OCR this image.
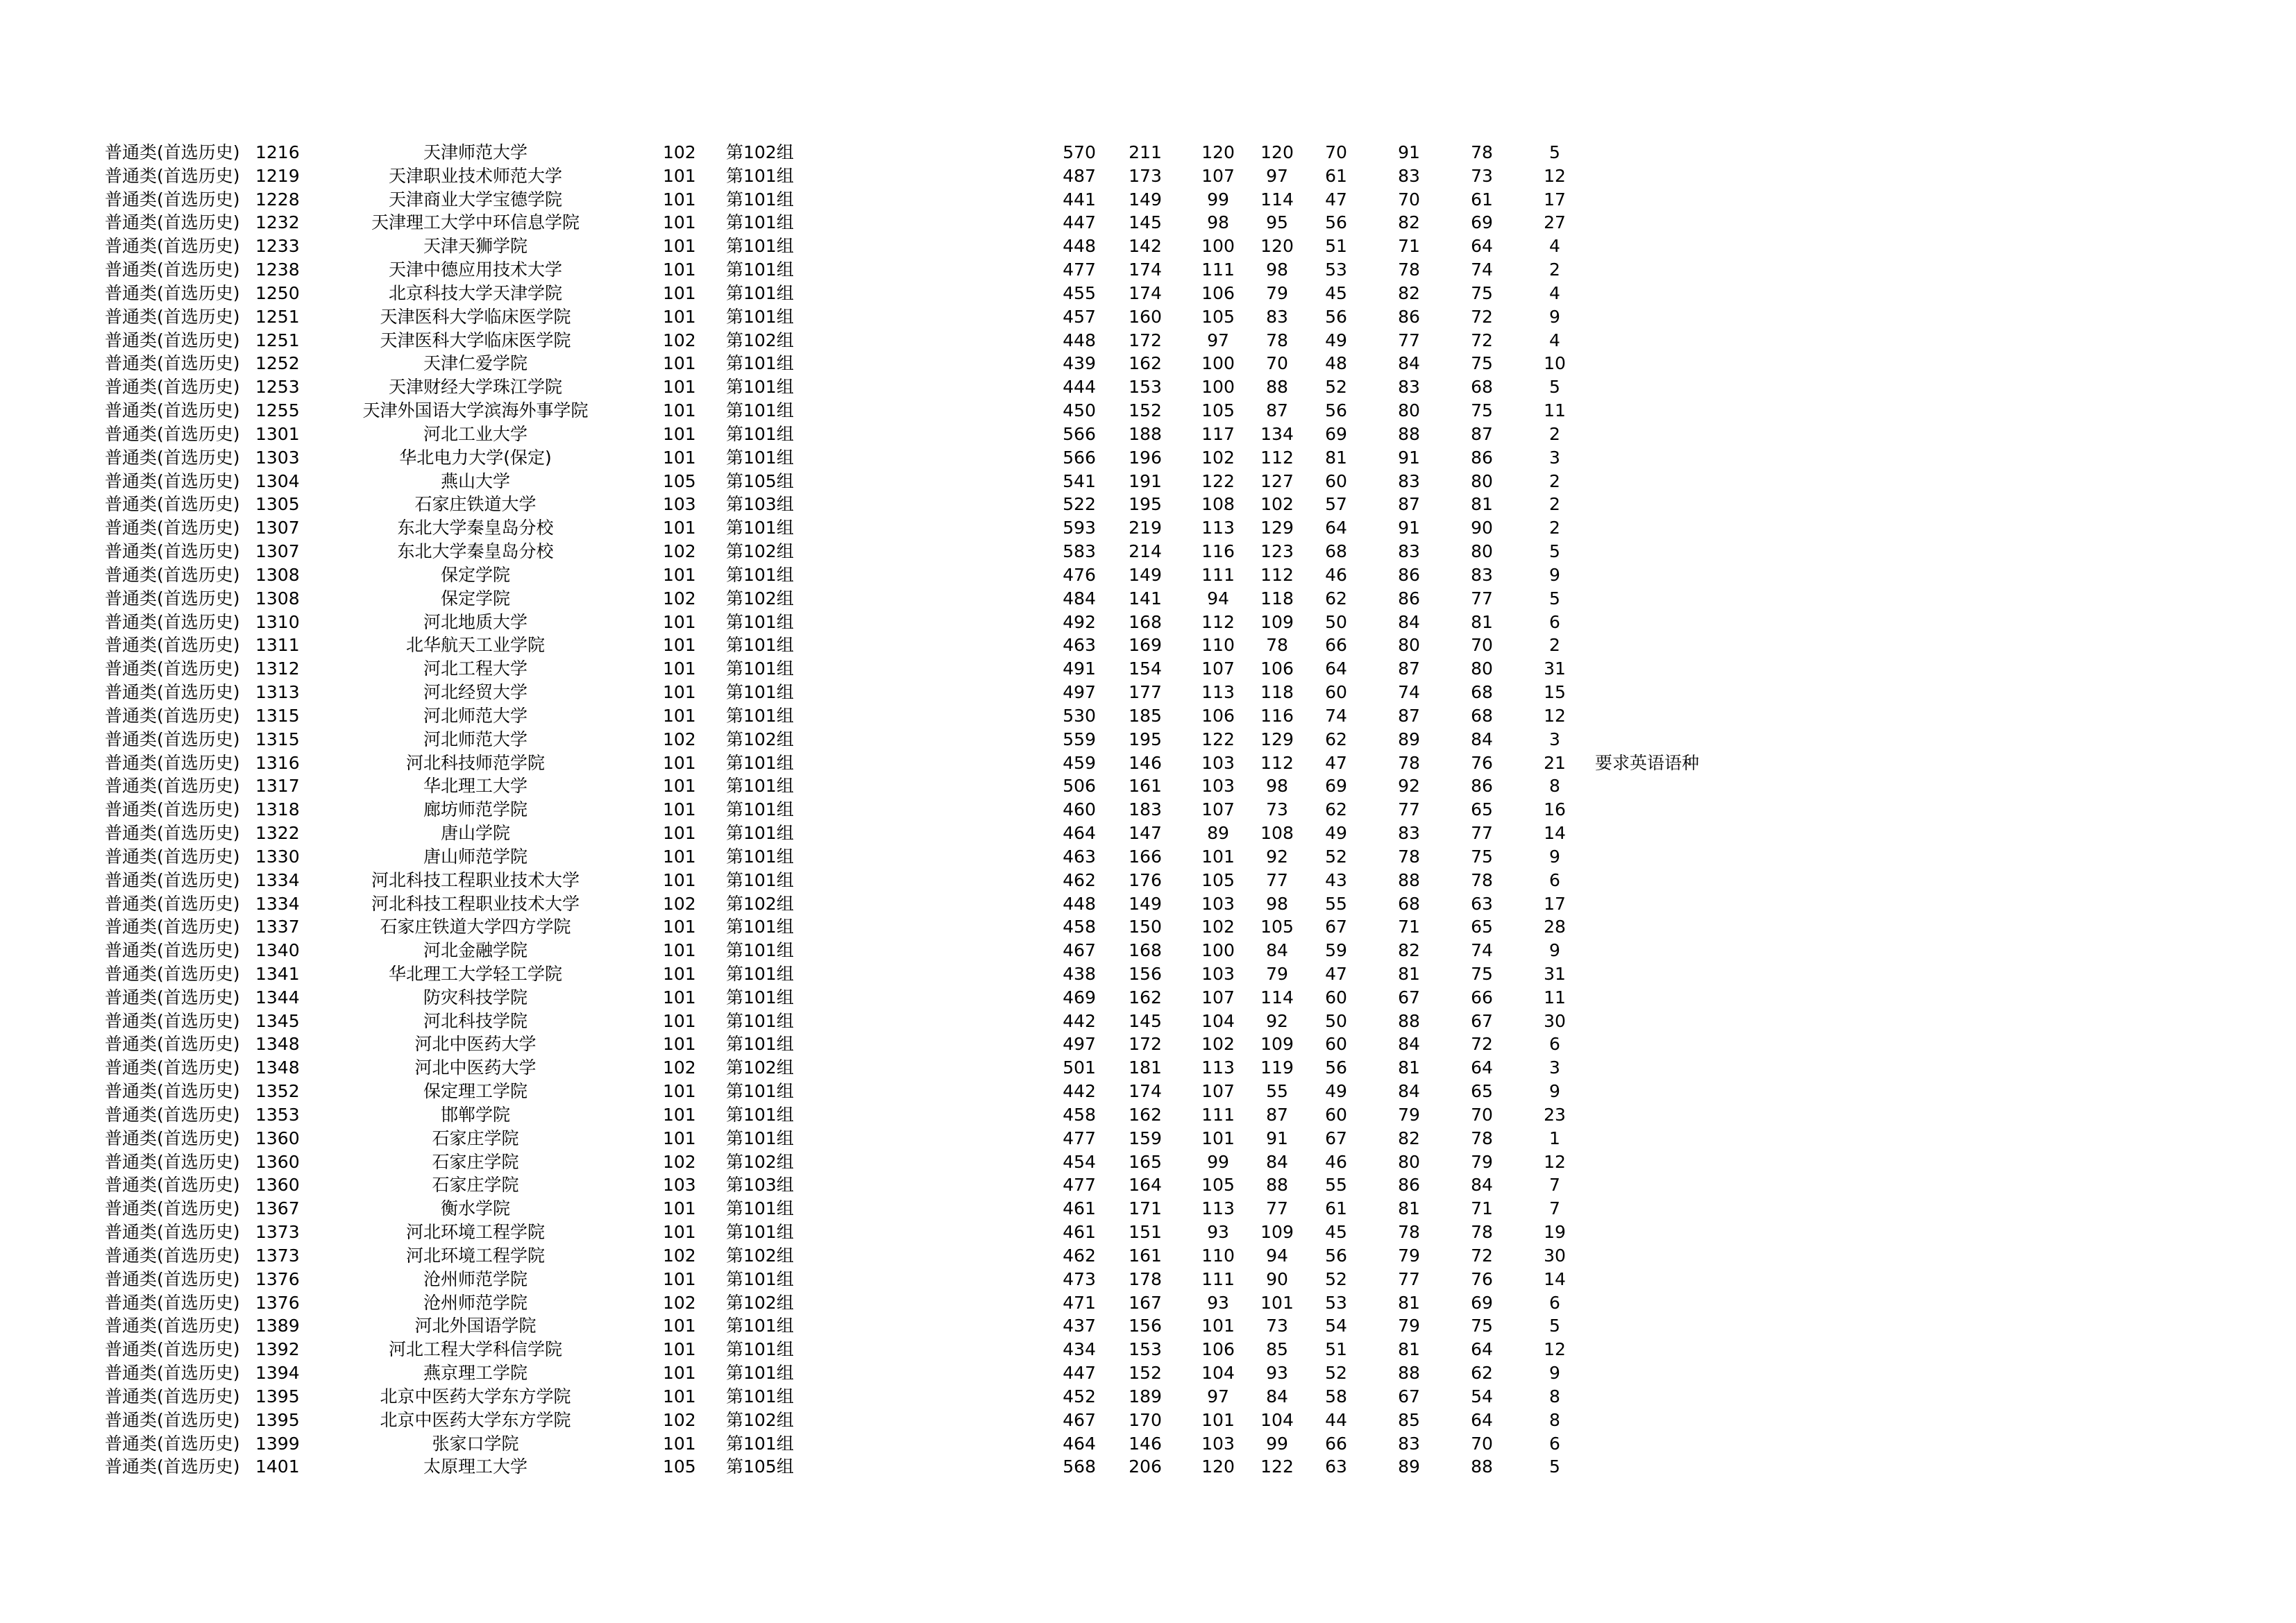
普通类(首选历史) 1216	天津师范大学	102	第102组	570	211	120	120	70	91	78	5
普通类(首选历史) 1219	天津职业技术师范大学	101	第101组	487	173	107	97	61	83	73	12
普通类(首选历史) 1228	天津商业大学宝德学院	101	第101组	441	149	99	114	47	70	61	17
普通类(首选历史) 1232	天津理工大学中环信息学院	101	第101组	447	145	98	95	56	82	69	27
普通类(首选历史) 1233	天津天狮学院	101	第101组	448	142	100	120	51	71	64	4
普通类(首选历史) 1238	天津中德应用技术大学	101	第101组	477	174	111	98	53	78	74	2
普通类(首选历史) 1250	北京科技大学天津学院	101	第101组	455	174	106	79	45	82	75	4
普通类(首选历史) 1251	天津医科大学临床医学院	101	第101组	457	160	105	83	56	86	72	9
普通类(首选历史) 1251	天津医科大学临床医学院	102	第102组	448	172	97	78	49	77	72	4
普通类(首选历史) 1252	天津仁爱学院	101	第101组	439	162	100	70	48	84	75	10
普通类(首选历史) 1253	天津财经大学珠江学院	101	第101组	444	153	100	88	52	83	68	5
普通类(首选历史) 1255	天津外国语大学滨海外事学院	101	第101组	450	152	105	87	56	80	75	11
普通类(首选历史) 1301	河北工业大学	101	第101组	566	188	117	134	69	88	87	2
普通类(首选历史) 1303	华北电力大学(保定)	101	第101组	566	196	102	112	81	91	86	3
普通类(首选历史) 1304	燕山大学	105	第105组	541	191	122	127	60	83	80	2
普通类(首选历史) 1305	石家庄铁道大学	103	第103组	522	195	108	102	57	87	81	2
普通类(首选历史) 1307	东北大学秦皇岛分校	101	第101组	593	219	113	129	64	91	90	2
普通类(首选历史) 1307	东北大学秦皇岛分校	102	第102组	583	214	116	123	68	83	80	5
普通类(首选历史) 1308	保定学院	101	第101组	476	149	111	112	46	86	83	9
普通类(首选历史) 1308	保定学院	102	第102组	484	141	94	118	62	86	77	5
普通类(首选历史) 1310	河北地质大学	101	第101组	492	168	112	109	50	84	81	6
普通类(首选历史) 1311	北华航天工业学院	101	第101组	463	169	110	78	66	80	70	2
普通类(首选历史) 1312	河北工程大学	101	第101组	491	154	107	106	64	87	80	31
普通类(首选历史) 1313	河北经贸大学	101	第101组	497	177	113	118	60	74	68	15
普通类(首选历史) 1315	河北师范大学	101	第101组	530	185	106	116	74	87	68	12
普通类(首选历史) 1315	河北师范大学	102	第102组	559	195	122	129	62	89	84	3
普通类(首选历史) 1316	河北科技师范学院	101	第101组	459	146	103	112	47	78	76	21	要求英语语种
普通类(首选历史) 1317	华北理工大学	101	第101组	506	161	103	98	69	92	86	8
普通类(首选历史) 1318	廊坊师范学院	101	第101组	460	183	107	73	62	77	65	16
普通类(首选历史) 1322	唐山学院	101	第101组	464	147	89	108	49	83	77	14
普通类(首选历史) 1330	唐山师范学院	101	第101组	463	166	101	92	52	78	75	9
普通类(首选历史) 1334	河北科技工程职业技术大学	101	第101组	462	176	105	77	43	88	78	6
普通类(首选历史) 1334	河北科技工程职业技术大学	102	第102组	448	149	103	98	55	68	63	17
普通类(首选历史) 1337	石家庄铁道大学四方学院	101	第101组	458	150	102	105	67	71	65	28
普通类(首选历史) 1340	河北金融学院	101	第101组	467	168	100	84	59	82	74	9
普通类(首选历史) 1341	华北理工大学轻工学院	101	第101组	438	156	103	79	47	81	75	31
普通类(首选历史) 1344	防灾科技学院	101	第101组	469	162	107	114	60	67	66	11
普通类(首选历史) 1345	河北科技学院	101	第101组	442	145	104	92	50	88	67	30
普通类(首选历史) 1348	河北中医药大学	101	第101组	497	172	102	109	60	84	72	6
普通类(首选历史) 1348	河北中医药大学	102	第102组	501	181	113	119	56	81	64	3
普通类(首选历史) 1352	保定理工学院	101	第101组	442	174	107	55	49	84	65	9
普通类(首选历史) 1353	邯郸学院	101	第101组	458	162	111	87	60	79	70	23
普通类(首选历史) 1360	石家庄学院	101	第101组	477	159	101	91	67	82	78	1
普通类(首选历史) 1360	石家庄学院	102	第102组	454	165	99	84	46	80	79	12
普通类(首选历史) 1360	石家庄学院	103	第103组	477	164	105	88	55	86	84	7
普通类(首选历史) 1367	衡水学院	101	第101组	461	171	113	77	61	81	71	7
普通类(首选历史) 1373	河北环境工程学院	101	第101组	461	151	93	109	45	78	78	19
普通类(首选历史) 1373	河北环境工程学院	102	第102组	462	161	110	94	56	79	72	30
普通类(首选历史) 1376	沧州师范学院	101	第101组	473	178	111	90	52	77	76	14
普通类(首选历史) 1376	沧州师范学院	102	第102组	471	167	93	101	53	81	69	6
普通类(首选历史) 1389	河北外国语学院	101	第101组	437	156	101	73	54	79	75	5
普通类(首选历史) 1392	河北工程大学科信学院	101	第101组	434	153	106	85	51	81	64	12
普通类(首选历史) 1394	燕京理工学院	101	第101组	447	152	104	93	52	88	62	9
普通类(首选历史) 1395	北京中医药大学东方学院	101	第101组	452	189	97	84	58	67	54	8
普通类(首选历史) 1395	北京中医药大学东方学院	102	第102组	467	170	101	104	44	85	64	8
普通类(首选历史) 1399	张家口学院	101	第101组	464	146	103	99	66	83	70	6
普通类(首选历史) 1401	太原理工大学	105	第105组	568	206	120	122	63	89	88	5
